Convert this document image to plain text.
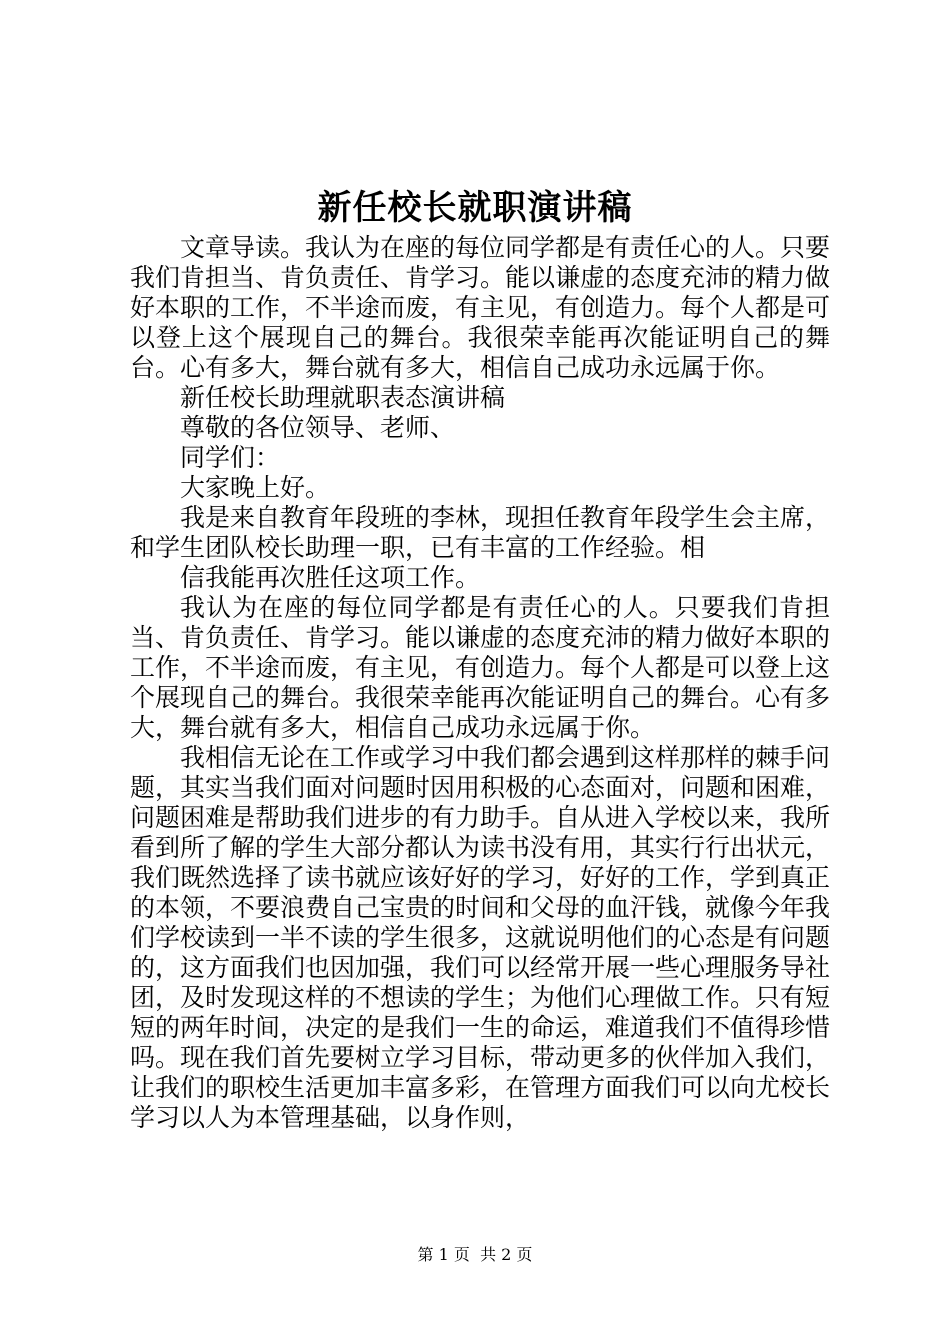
新任校长就职演讲稿

文章导读。我认为在座的每位同学都是有责任心的人。只要我们肯担当、肯负责任、肯学习。能以谦虚的态度充沛的精力做好本职的工作，不半途而废，有主见，有创造力。每个人都是可以登上这个展现自己的舞台。我很荣幸能再次能证明自己的舞台。心有多大，舞台就有多大，相信自己成功永远属于你。

新任校长助理就职表态演讲稿

尊敬的各位领导、老师、

同学们：

大家晚上好。

我是来自教育年段班的李林，现担任教育年段学生会主席，和学生团队校长助理一职，已有丰富的工作经验。相

信我能再次胜任这项工作。

我认为在座的每位同学都是有责任心的人。只要我们肯担当、肯负责任、肯学习。能以谦虚的态度充沛的精力做好本职的工作，不半途而废，有主见，有创造力。每个人都是可以登上这个展现自己的舞台。我很荣幸能再次能证明自己的舞台。心有多大，舞台就有多大，相信自己成功永远属于你。

我相信无论在工作或学习中我们都会遇到这样那样的棘手问题，其实当我们面对问题时因用积极的心态面对，问题和困难，问题困难是帮助我们进步的有力助手。自从进入学校以来，我所看到所了解的学生大部分都认为读书没有用，其实行行出状元，我们既然选择了读书就应该好好的学习，好好的工作，学到真正的本领，不要浪费自己宝贵的时间和父母的血汗钱，就像今年我们学校读到一半不读的学生很多，这就说明他们的心态是有问题的，这方面我们也因加强，我们可以经常开展一些心理服务导社团，及时发现这样的不想读的学生；为他们心理做工作。只有短短的两年时间，决定的是我们一生的命运，难道我们不值得珍惜吗。现在我们首先要树立学习目标，带动更多的伙伴加入我们，让我们的职校生活更加丰富多彩，在管理方面我们可以向尤校长学习以人为本管理基础，以身作则，

第 1 页  共 2 页
